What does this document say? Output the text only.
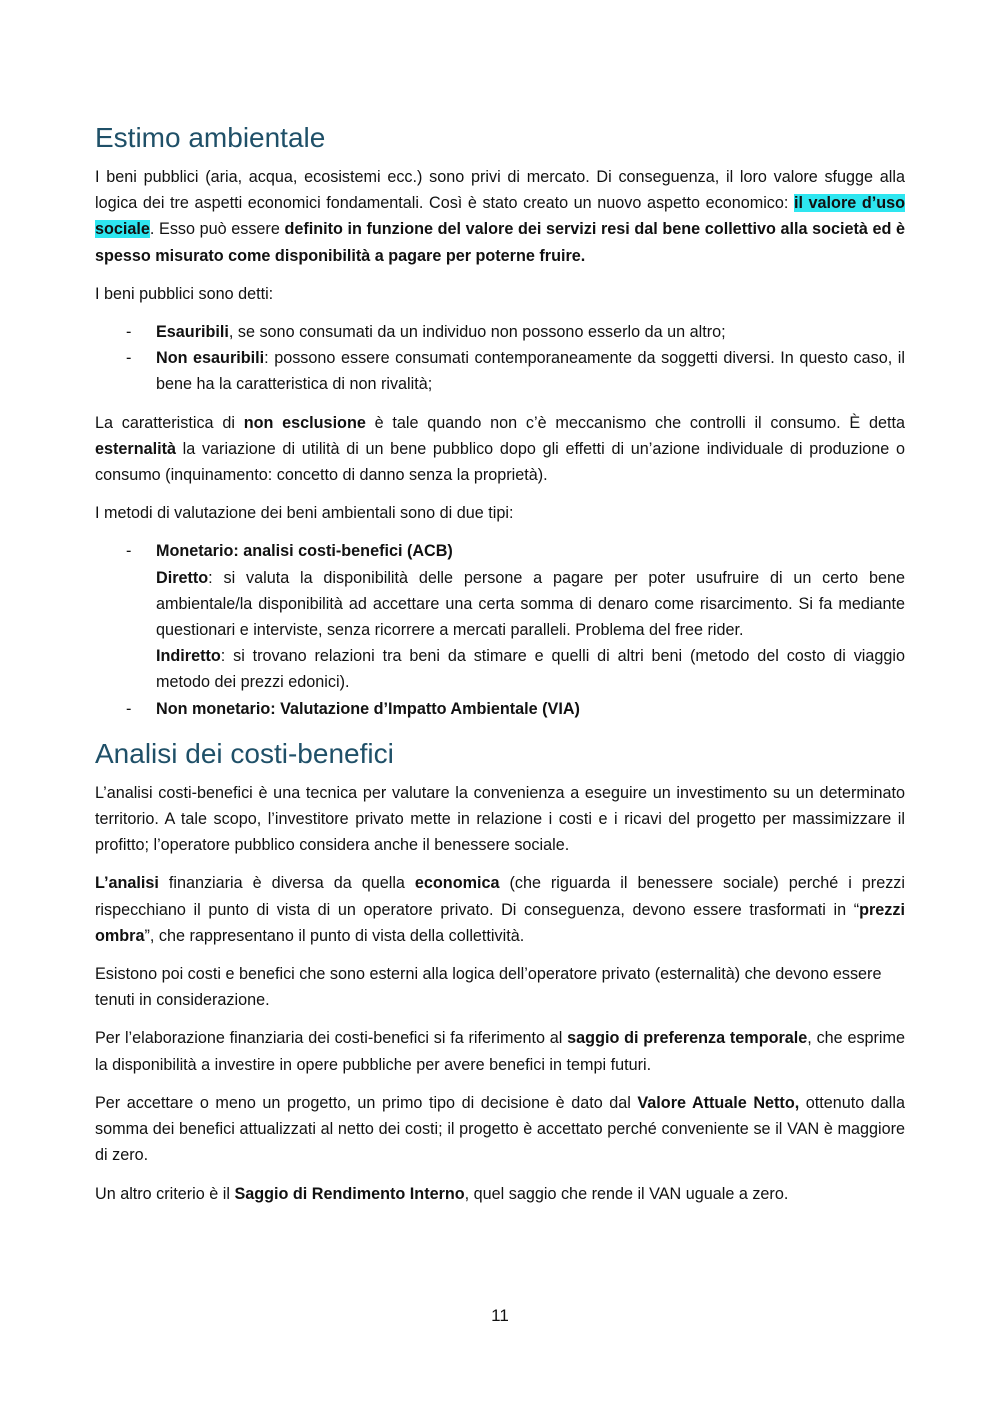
Estimo ambientale

I beni pubblici (aria, acqua, ecosistemi ecc.) sono privi di mercato. Di conseguenza, il loro valore sfugge alla logica dei tre aspetti economici fondamentali. Così è stato creato un nuovo aspetto economico: il valore d’uso sociale. Esso può essere definito in funzione del valore dei servizi resi dal bene collettivo alla società ed è spesso misurato come disponibilità a pagare per poterne fruire.

I beni pubblici sono detti:

- Esauribili, se sono consumati da un individuo non possono esserlo da un altro;
- Non esauribili: possono essere consumati contemporaneamente da soggetti diversi. In questo caso, il bene ha la caratteristica di non rivalità;

La caratteristica di non esclusione è tale quando non c’è meccanismo che controlli il consumo. È detta esternalità la variazione di utilità di un bene pubblico dopo gli effetti di un’azione individuale di produzione o consumo (inquinamento: concetto di danno senza la proprietà).

I metodi di valutazione dei beni ambientali sono di due tipi:

- Monetario: analisi costi-benefici (ACB)
Diretto: si valuta la disponibilità delle persone a pagare per poter usufruire di un certo bene ambientale/la disponibilità ad accettare una certa somma di denaro come risarcimento. Si fa mediante questionari e interviste, senza ricorrere a mercati paralleli. Problema del free rider.
Indiretto: si trovano relazioni tra beni da stimare e quelli di altri beni (metodo del costo di viaggio metodo dei prezzi edonici).
- Non monetario: Valutazione d’Impatto Ambientale (VIA)
Analisi dei costi-benefici

L’analisi costi-benefici è una tecnica per valutare la convenienza a eseguire un investimento su un determinato territorio. A tale scopo, l’investitore privato mette in relazione i costi e i ricavi del progetto per massimizzare il profitto; l’operatore pubblico considera anche il benessere sociale.

L’analisi finanziaria è diversa da quella economica (che riguarda il benessere sociale) perché i prezzi rispecchiano il punto di vista di un operatore privato. Di conseguenza, devono essere trasformati in “prezzi ombra”, che rappresentano il punto di vista della collettività.

Esistono poi costi e benefici che sono esterni alla logica dell’operatore privato (esternalità) che devono essere tenuti in considerazione.

Per l’elaborazione finanziaria dei costi-benefici si fa riferimento al saggio di preferenza temporale, che esprime la disponibilità a investire in opere pubbliche per avere benefici in tempi futuri.

Per accettare o meno un progetto, un primo tipo di decisione è dato dal Valore Attuale Netto, ottenuto dalla somma dei benefici attualizzati al netto dei costi; il progetto è accettato perché conveniente se il VAN è maggiore di zero.

Un altro criterio è il Saggio di Rendimento Interno, quel saggio che rende il VAN uguale a zero.

11
